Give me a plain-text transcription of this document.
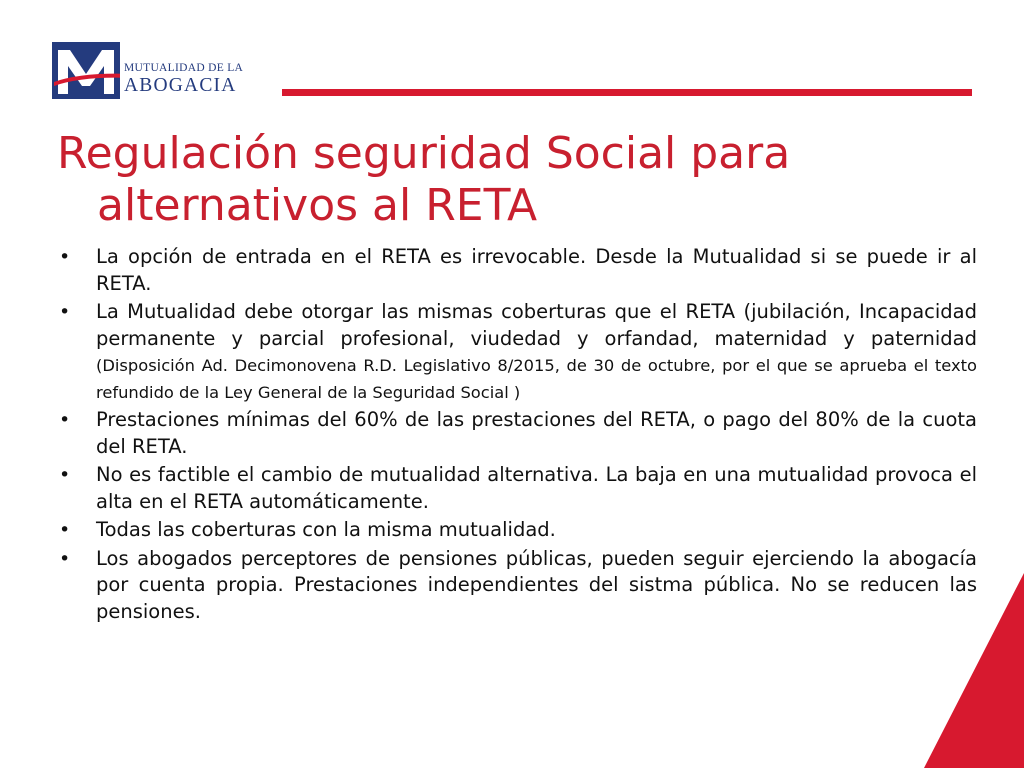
MUTUALIDAD DE LA
ABOGACIA
Regulación seguridad Social para
alternativos al RETA
• La opción de entrada en el RETA es irrevocable. Desde la Mutualidad si se puede ir al RETA.
• La Mutualidad debe otorgar las mismas coberturas que el RETA (jubilación, Incapacidad permanente y parcial profesional, viudedad y orfandad, maternidad y paternidad (Disposición Ad. Decimonovena R.D. Legislativo 8/2015, de 30 de octubre, por el que se aprueba el texto refundido de la Ley General de la Seguridad Social )
• Prestaciones mínimas del 60% de las prestaciones del RETA, o pago del 80% de la cuota del RETA.
• No es factible el cambio de mutualidad alternativa. La baja en una mutualidad provoca el alta en el RETA automáticamente.
• Todas las coberturas con la misma mutualidad.
• Los abogados perceptores de pensiones públicas, pueden seguir ejerciendo la abogacía por cuenta propia. Prestaciones independientes del sistma pública. No se reducen las pensiones.
